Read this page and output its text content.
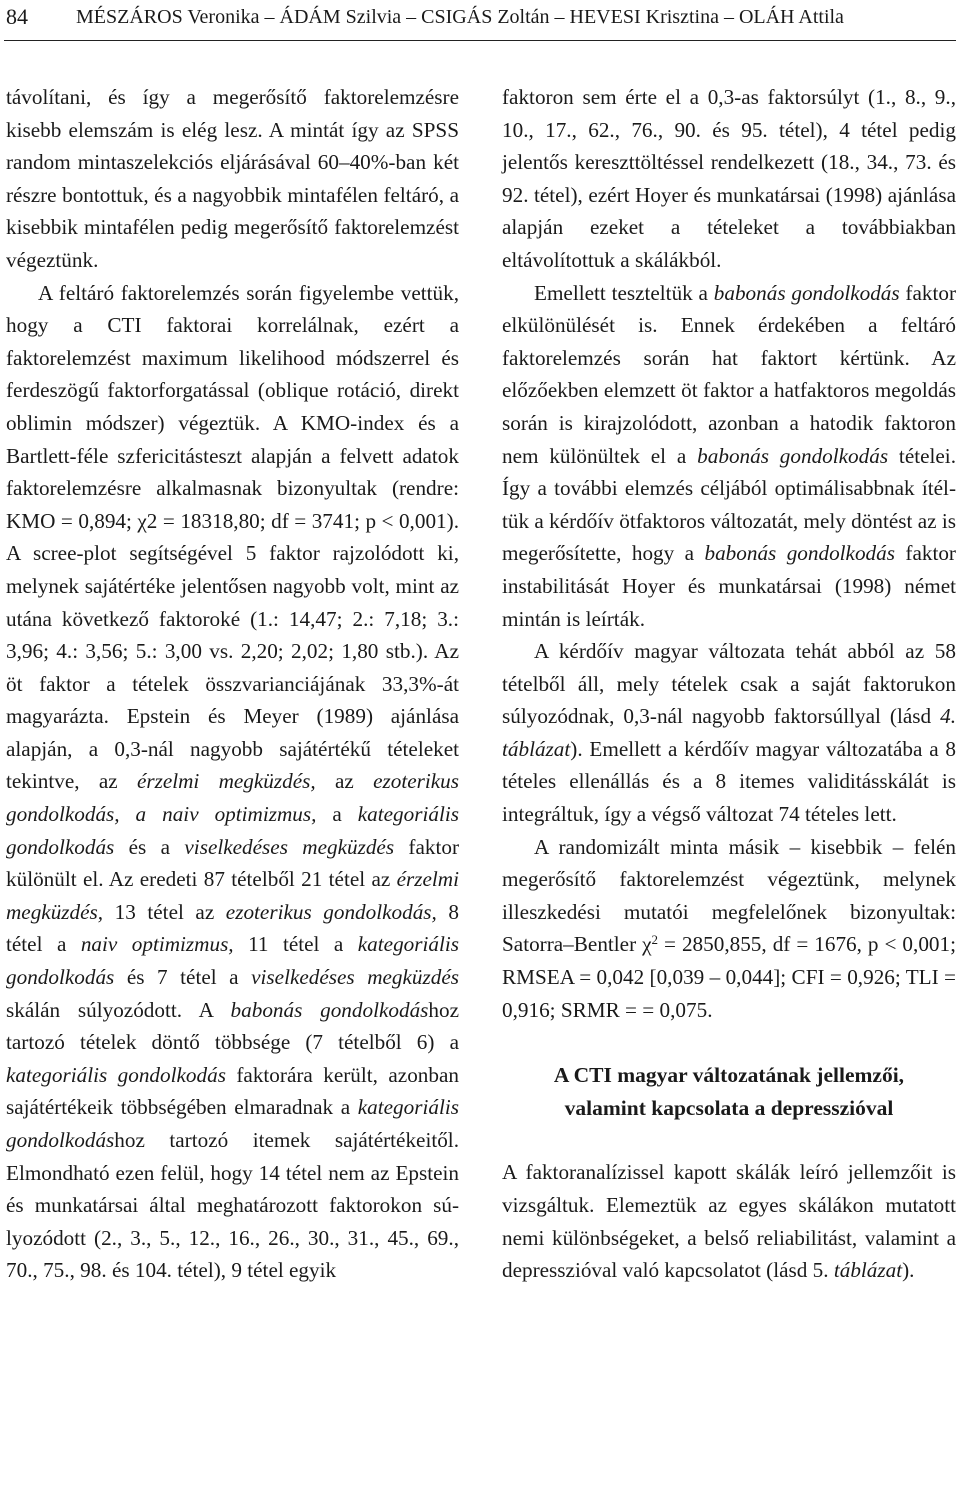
84 MÉSZÁROS Veronika – ÁDÁM Szilvia – CSIGÁS Zoltán – HEVESI Krisztina – OLÁH Attila

távolítani, és így a megerősítő faktorelemzésre kisebb elemszám is elég lesz. A mintát így az SPSS random mintaszelekciós eljárásával 60–40%-ban két részre bontottuk, és a nagyobbik mintafélen feltáró, a kisebbik mintafélen pedig megerősítő faktorelemzést végeztünk.

A feltáró faktorelemzés során figyelembe vettük, hogy a CTI faktorai korrelálnak, ezért a faktorelemzést maximum likelihood módszerrel és ferdeszögű faktorforgatással (oblique rotáció, direkt oblimin módszer) végeztük. A KMO-index és a Bartlett-féle szfericitásteszt alapján a felvett adatok faktorelemzésre alkalmasnak bizonyultak (rendre: KMO = 0,894; χ2 = 18318,80; df = 3741; p < 0,001). A scree-plot segítségével 5 faktor rajzolódott ki, melynek sajátértéke jelentősen nagyobb volt, mint az utána következő faktoroké (1.: 14,47; 2.: 7,18; 3.: 3,96; 4.: 3,56; 5.: 3,00 vs. 2,20; 2,02; 1,80 stb.). Az öt faktor a tételek összvarianciájának 33,3%-át magyarázta. Epstein és Meyer (1989) ajánlása alapján, a 0,3-nál nagyobb sajátértékű tételeket tekintve, az érzelmi megküzdés, az ezoterikus gondolkodás, a naiv optimizmus, a kategoriális gondolkodás és a viselkedéses megküzdés faktor különült el. Az eredeti 87 tételből 21 tétel az érzelmi megküzdés, 13 tétel az ezoterikus gondolkodás, 8 tétel a naiv optimizmus, 11 tétel a kategoriális gondolkodás és 7 tétel a viselkedéses megküzdés skálán súlyozódott. A babonás gondolkodáshoz tartozó tételek döntő többsége (7 tételből 6) a kategoriális gondolkodás faktorára került, azonban sajátértékeik többségében elmaradnak a kategoriális gondolkodáshoz tartozó itemek sajátértékeitől. Elmondható ezen felül, hogy 14 tétel nem az Epstein és munkatársai által meghatározott faktorokon súlyozódott (2., 3., 5., 12., 16., 26., 30., 31., 45., 69., 70., 75., 98. és 104. tétel), 9 tétel egyik

faktoron sem érte el a 0,3-as faktorsúlyt (1., 8., 9., 10., 17., 62., 76., 90. és 95. tétel), 4 tétel pedig jelentős kereszttöltéssel rendelkezett (18., 34., 73. és 92. tétel), ezért Hoyer és munkatársai (1998) ajánlása alapján ezeket a tételeket a továbbiakban eltávolítottuk a skálákból.

Emellett teszteltük a babonás gondolkodás faktor elkülönülését is. Ennek érdekében a feltáró faktorelemzés során hat faktort kértünk. Az előzőekben elemzett öt faktor a hatfaktoros megoldás során is kirajzolódott, azonban a hatodik faktoron nem különültek el a babonás gondolkodás tételei. Így a további elemzés céljából optimálisabbnak ítéltük a kérdőív ötfaktoros változatát, mely döntést az is megerősítette, hogy a babonás gondolkodás faktor instabilitását Hoyer és munkatársai (1998) német mintán is leírták.

A kérdőív magyar változata tehát abból az 58 tételből áll, mely tételek csak a saját faktorukon súlyozódnak, 0,3-nál nagyobb faktorsúllyal (lásd 4. táblázat). Emellett a kérdőív magyar változatába a 8 tételes ellenállás és a 8 itemes validitásskálát is integráltuk, így a végső változat 74 tételes lett.

A randomizált minta másik – kisebbik – felén megerősítő faktorelemzést végeztünk, melynek illeszkedési mutatói megfelelőnek bizonyultak: Satorra–Bentler $\chi^2 = 2850,855$, df = 1676, p < 0,001; RMSEA = 0,042 [0,039 – 0,044]; CFI = 0,926; TLI = 0,916; SRMR = = 0,075.

A CTI magyar változatának jellemzői,
valamint kapcsolata a depresszióval

A faktoranalízissel kapott skálák leíró jellemzőit is vizsgáltuk. Elemeztük az egyes skálákon mutatott nemi különbségeket, a belső reliabilitást, valamint a depresszióval való kapcsolatot (lásd 5. táblázat).
